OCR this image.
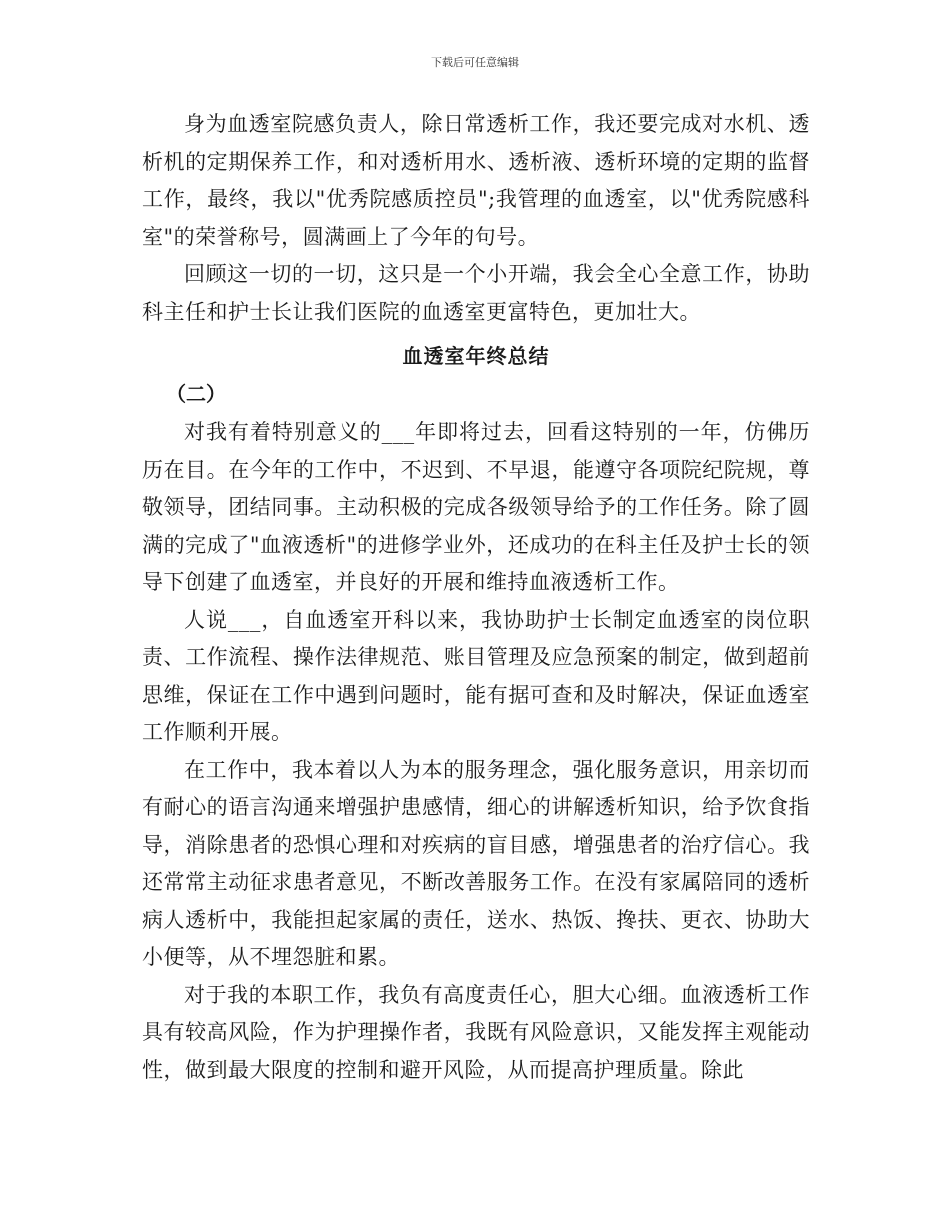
下载后可任意编辑

身为血透室院感负责人，除日常透析工作，我还要完成对水机、透析机的定期保养工作，和对透析用水、透析液、透析环境的定期的监督工作，最终，我以"优秀院感质控员";我管理的血透室，以"优秀院感科室"的荣誉称号，圆满画上了今年的句号。

回顾这一切的一切，这只是一个小开端，我会全心全意工作，协助科主任和护士长让我们医院的血透室更富特色，更加壮大。

血透室年终总结
（二）

对我有着特别意义的___年即将过去，回看这特别的一年，仿佛历历在目。在今年的工作中，不迟到、不早退，能遵守各项院纪院规，尊敬领导，团结同事。主动积极的完成各级领导给予的工作任务。除了圆满的完成了"血液透析"的进修学业外，还成功的在科主任及护士长的领导下创建了血透室，并良好的开展和维持血液透析工作。

人说___，自血透室开科以来，我协助护士长制定血透室的岗位职责、工作流程、操作法律规范、账目管理及应急预案的制定，做到超前思维，保证在工作中遇到问题时，能有据可查和及时解决，保证血透室工作顺利开展。

在工作中，我本着以人为本的服务理念，强化服务意识，用亲切而有耐心的语言沟通来增强护患感情，细心的讲解透析知识，给予饮食指导，消除患者的恐惧心理和对疾病的盲目感，增强患者的治疗信心。我还常常主动征求患者意见，不断改善服务工作。在没有家属陪同的透析病人透析中，我能担起家属的责任，送水、热饭、搀扶、更衣、协助大小便等，从不埋怨脏和累。

对于我的本职工作，我负有高度责任心，胆大心细。血液透析工作具有较高风险，作为护理操作者，我既有风险意识，又能发挥主观能动性，做到最大限度的控制和避开风险，从而提高护理质量。除此
